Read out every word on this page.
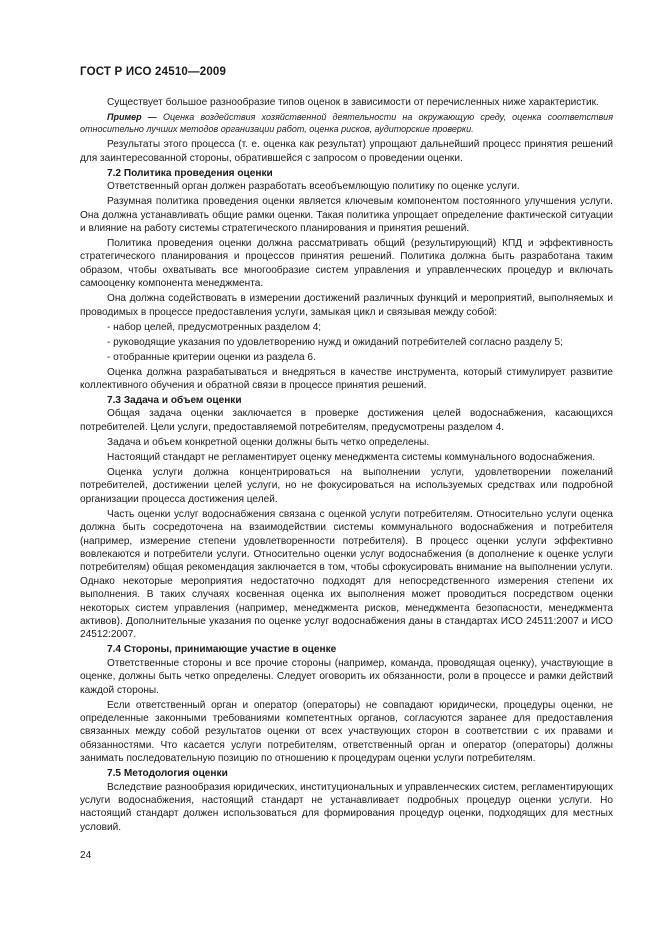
ГОСТ Р ИСО 24510—2009

Существует большое разнообразие типов оценок в зависимости от перечисленных ниже характеристик.

Пример — Оценка воздействия хозяйственной деятельности на окружающую среду, оценка соответствия относительно лучших методов организации работ, оценка рисков, аудиторские проверки.

Результаты этого процесса (т. е. оценка как результат) упрощают дальнейший процесс принятия решений для заинтересованной стороны, обратившейся с запросом о проведении оценки.

7.2 Политика проведения оценки

Ответственный орган должен разработать всеобъемлющую политику по оценке услуги.

Разумная политика проведения оценки является ключевым компонентом постоянного улучшения услуги. Она должна устанавливать общие рамки оценки. Такая политика упрощает определение фактической ситуации и влияние на работу системы стратегического планирования и принятия решений.

Политика проведения оценки должна рассматривать общий (результирующий) КПД и эффективность стратегического планирования и процессов принятия решений. Политика должна быть разработана таким образом, чтобы охватывать все многообразие систем управления и управленческих процедур и включать самооценку компонента менеджмента.

Она должна содействовать в измерении достижений различных функций и мероприятий, выполняемых и проводимых в процессе предоставления услуги, замыкая цикл и связывая между собой:

- набор целей, предусмотренных разделом 4;
- руководящие указания по удовлетворению нужд и ожиданий потребителей согласно разделу 5;
- отобранные критерии оценки из раздела 6.

Оценка должна разрабатываться и внедряться в качестве инструмента, который стимулирует развитие коллективного обучения и обратной связи в процессе принятия решений.

7.3 Задача и объем оценки

Общая задача оценки заключается в проверке достижения целей водоснабжения, касающихся потребителей. Цели услуги, предоставляемой потребителям, предусмотрены разделом 4.

Задача и объем конкретной оценки должны быть четко определены.

Настоящий стандарт не регламентирует оценку менеджмента системы коммунального водоснабжения.

Оценка услуги должна концентрироваться на выполнении услуги, удовлетворении пожеланий потребителей, достижении целей услуги, но не фокусироваться на используемых средствах или подробной организации процесса достижения целей.

Часть оценки услуг водоснабжения связана с оценкой услуги потребителям. Относительно услуги оценка должна быть сосредоточена на взаимодействии системы коммунального водоснабжения и потребителя (например, измерение степени удовлетворенности потребителя). В процесс оценки услуги эффективно вовлекаются и потребители услуги. Относительно оценки услуг водоснабжения (в дополнение к оценке услуги потребителям) общая рекомендация заключается в том, чтобы сфокусировать внимание на выполнении услуги. Однако некоторые мероприятия недостаточно подходят для непосредственного измерения степени их выполнения. В таких случаях косвенная оценка их выполнения может проводиться посредством оценки некоторых систем управления (например, менеджмента рисков, менеджмента безопасности, менеджмента активов). Дополнительные указания по оценке услуг водоснабжения даны в стандартах ИСО 24511:2007 и ИСО 24512:2007.

7.4 Стороны, принимающие участие в оценке

Ответственные стороны и все прочие стороны (например, команда, проводящая оценку), участвующие в оценке, должны быть четко определены. Следует оговорить их обязанности, роли в процессе и рамки действий каждой стороны.

Если ответственный орган и оператор (операторы) не совпадают юридически, процедуры оценки, не определенные законными требованиями компетентных органов, согласуются заранее для предоставления связанных между собой результатов оценки от всех участвующих сторон в соответствии с их правами и обязанностями. Что касается услуги потребителям, ответственный орган и оператор (операторы) должны занимать последовательную позицию по отношению к процедурам оценки услуги потребителям.

7.5 Методология оценки

Вследствие разнообразия юридических, институциональных и управленческих систем, регламентирующих услуги водоснабжения, настоящий стандарт не устанавливает подробных процедур оценки услуги. Но настоящий стандарт должен использоваться для формирования процедур оценки, подходящих для местных условий.

24
